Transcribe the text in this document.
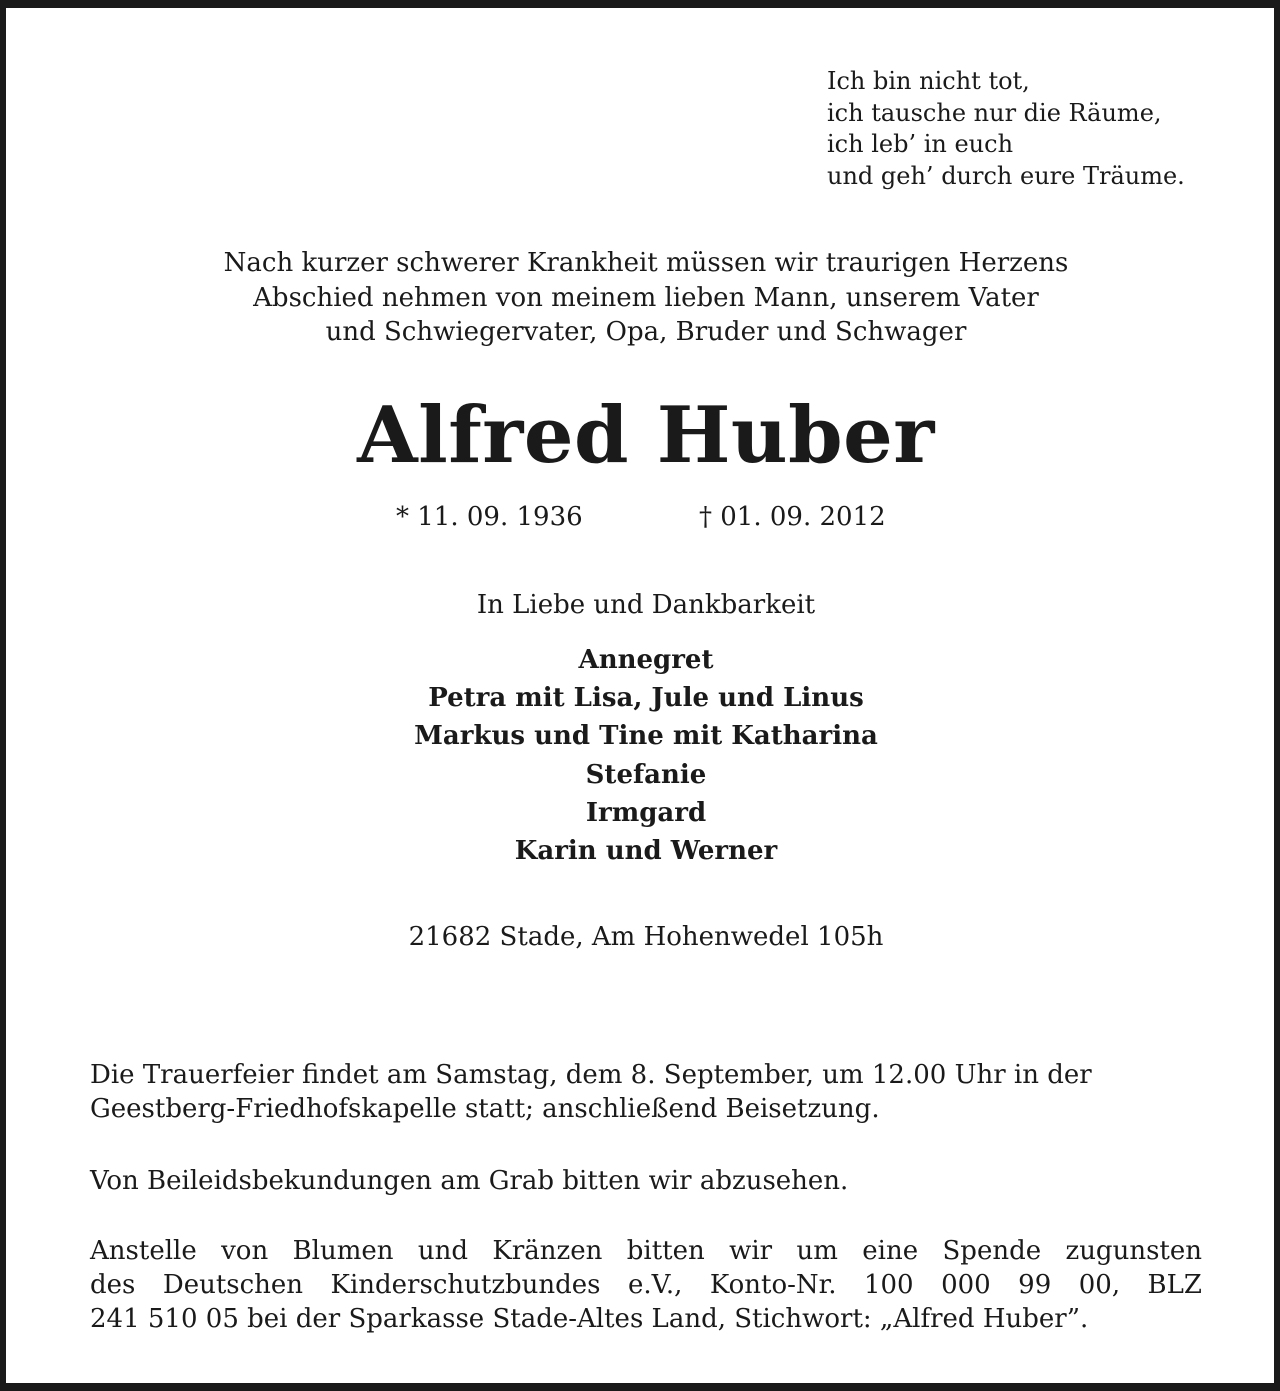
Ich bin nicht tot,
ich tausche nur die Räume,
ich leb’ in euch
und geh’ durch eure Träume.
Nach kurzer schwerer Krankheit müssen wir traurigen Herzens
Abschied nehmen von meinem lieben Mann, unserem Vater
und Schwiegervater, Opa, Bruder und Schwager
Alfred Huber
* 11. 09. 1936	† 01. 09. 2012
In Liebe und Dankbarkeit
Annegret
Petra mit Lisa, Jule und Linus
Markus und Tine mit Katharina
Stefanie
Irmgard
Karin und Werner
21682 Stade, Am Hohenwedel 105h
Die Trauerfeier findet am Samstag, dem 8. September, um 12.00 Uhr in der
Geestberg-Friedhofskapelle statt; anschließend Beisetzung.
Von Beileidsbekundungen am Grab bitten wir abzusehen.
Anstelle von Blumen und Kränzen bitten wir um eine Spende zugunsten
des Deutschen Kinderschutzbundes e.V., Konto-Nr. 100 000 99 00, BLZ
241 510 05 bei der Sparkasse Stade-Altes Land, Stichwort: „Alfred Huber”.
